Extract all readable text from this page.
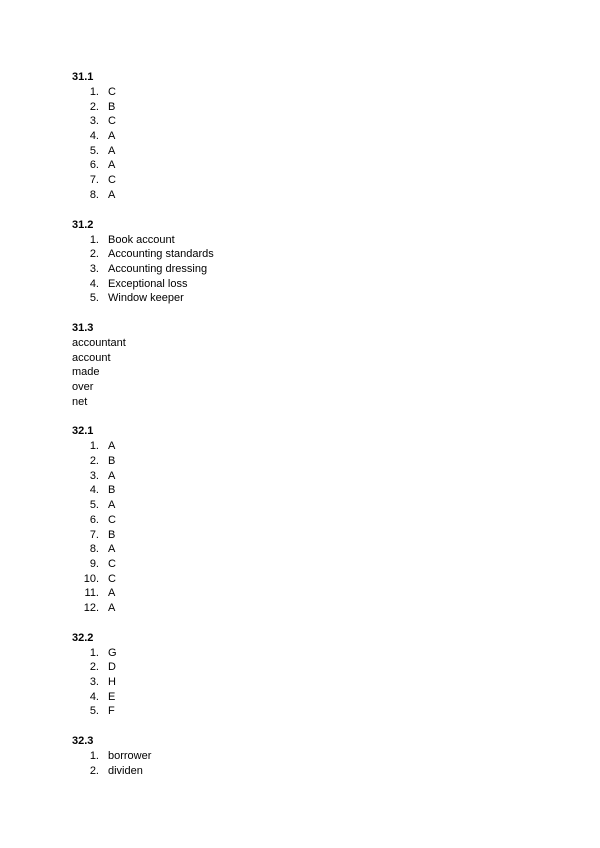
31.1
1. C
2. B
3. C
4. A
5. A
6. A
7. C
8. A
31.2
1. Book account
2. Accounting standards
3. Accounting dressing
4. Exceptional loss
5. Window keeper
31.3
accountant
account
made
over
net
32.1
1. A
2. B
3. A
4. B
5. A
6. C
7. B
8. A
9. C
10. C
11. A
12. A
32.2
1. G
2. D
3. H
4. E
5. F
32.3
1. borrower
2. dividen
